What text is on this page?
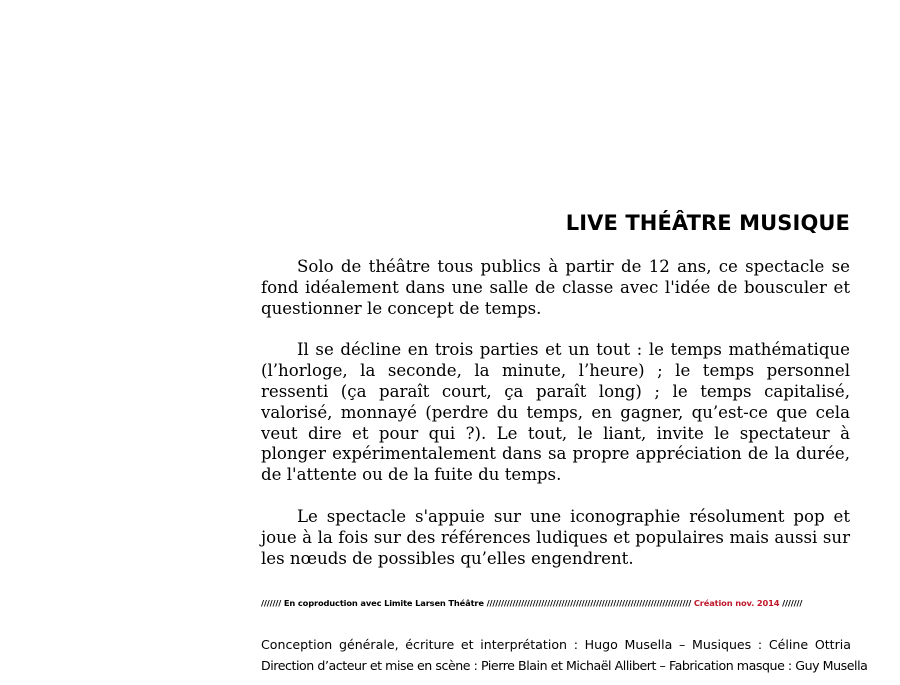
LIVE THÉÂTRE MUSIQUE

Solo de théâtre tous publics à partir de 12 ans, ce spectacle se fond idéalement dans une salle de classe avec l'idée de bousculer et questionner le concept de temps.

Il se décline en trois parties et un tout : le temps mathématique (l’horloge, la seconde, la minute, l’heure) ; le temps personnel ressenti (ça paraît court, ça paraît long) ; le temps capitalisé, valorisé, monnayé (perdre du temps, en gagner, qu’est-ce que cela veut dire et pour qui ?). Le tout, le liant, invite le spectateur à plonger expérimentalement dans sa propre appréciation de la durée, de l'attente ou de la fuite du temps.

Le spectacle s'appuie sur une iconographie résolument pop et joue à la fois sur des références ludiques et populaires mais aussi sur les nœuds de possibles qu’elles engendrent.

/////// En coproduction avec Limite Larsen Théâtre /////////////////////////////////////////////////////////////////////// Création nov. 2014 ///////
Conception générale, écriture et interprétation : Hugo Musella – Musiques : Céline Ottria
Direction d’acteur et mise en scène : Pierre Blain et Michaël Allibert – Fabrication masque : Guy Musella
